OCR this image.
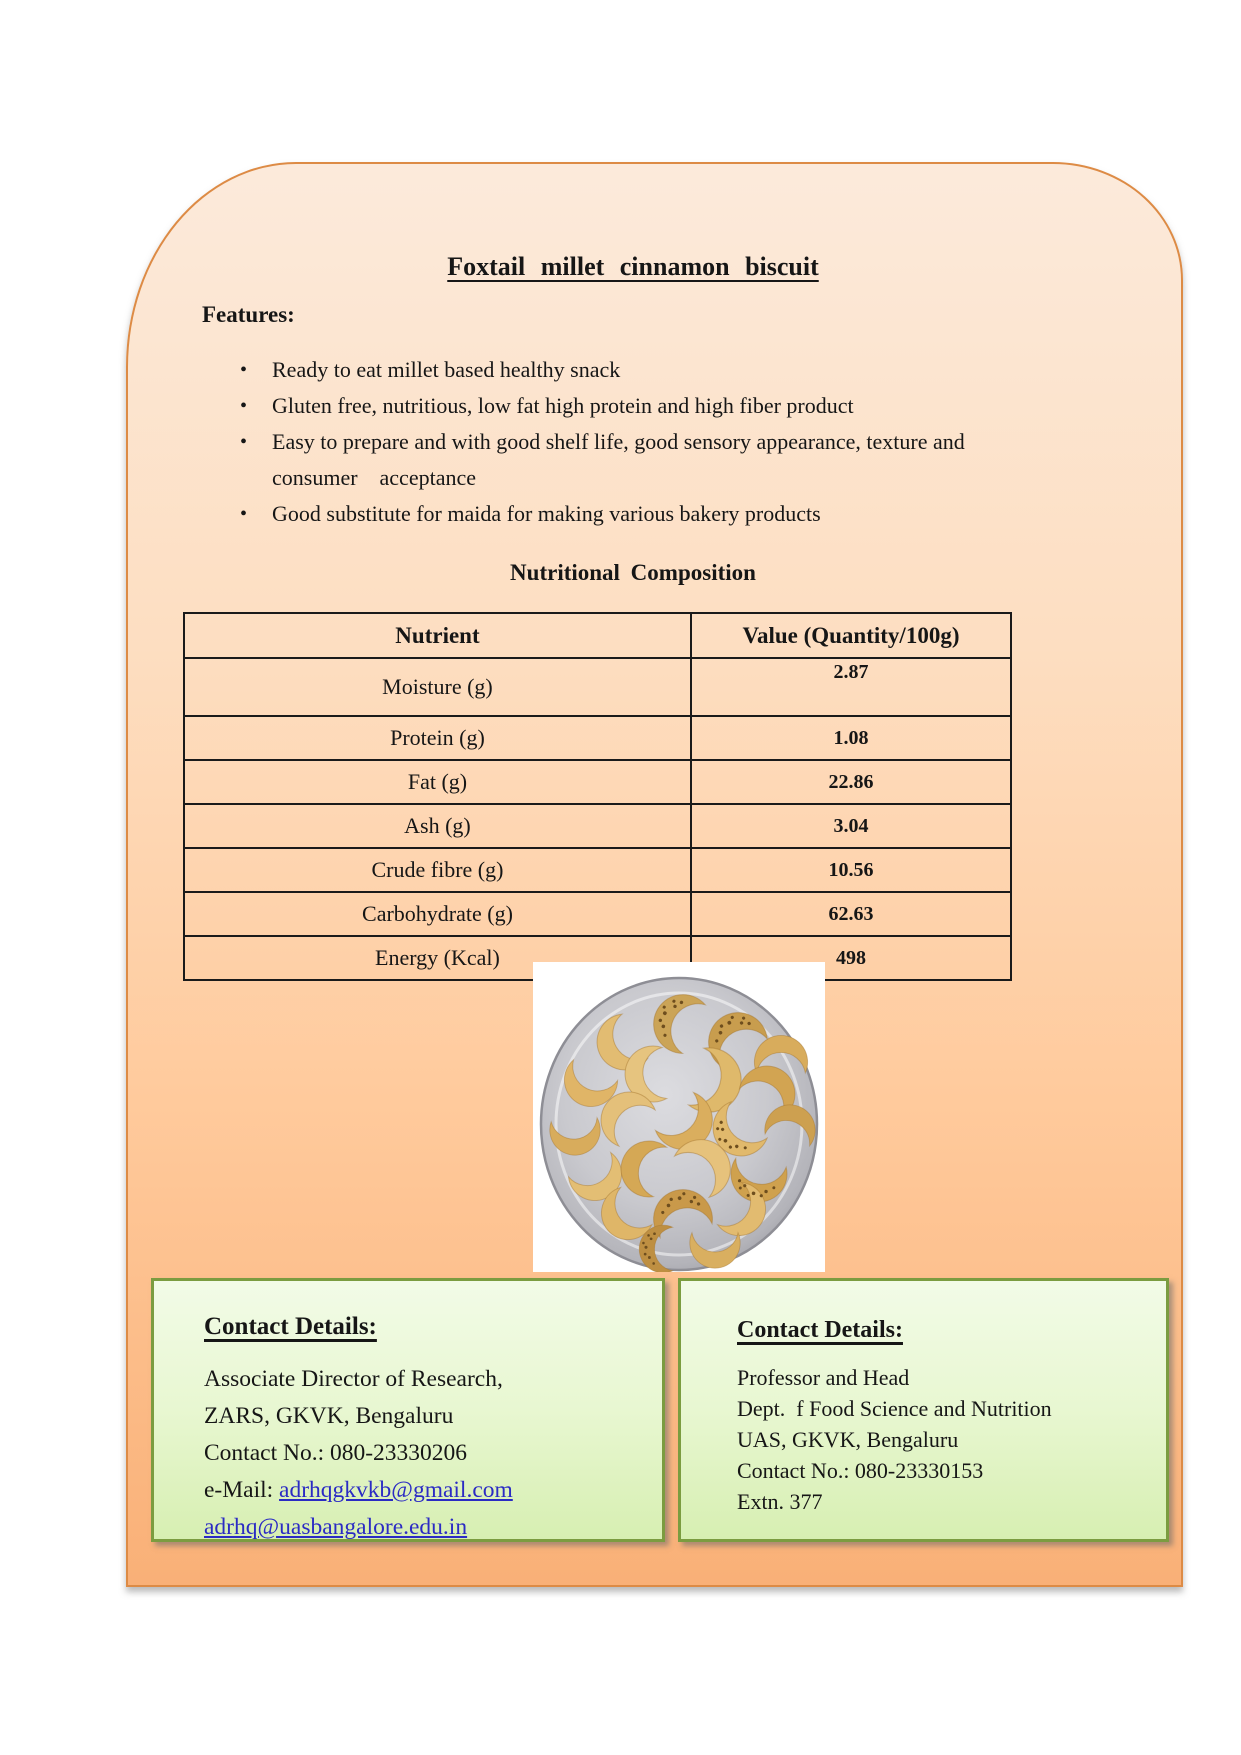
Foxtail millet cinnamon biscuit
Features:
•	Ready to eat millet based healthy snack
•	Gluten free, nutritious, low fat high protein and high fiber product
•	Easy to prepare and with good shelf life, good sensory appearance, texture and
consumer    acceptance
•	Good substitute for maida for making various bakery products
Nutritional Composition
Nutrient	Value (Quantity/100g)
Moisture (g)	2.87
Protein (g)	1.08
Fat (g)	22.86
Ash (g)	3.04
Crude fibre (g)	10.56
Carbohydrate (g)	62.63
Energy (Kcal)	498
Contact Details:
Associate Director of Research,
ZARS, GKVK, Bengaluru
Contact No.: 080-23330206
e-Mail: adrhqgkvkb@gmail.com
adrhq@uasbangalore.edu.in
Contact Details:
Professor and Head
Dept.  f Food Science and Nutrition
UAS, GKVK, Bengaluru
Contact No.: 080-23330153
Extn. 377
